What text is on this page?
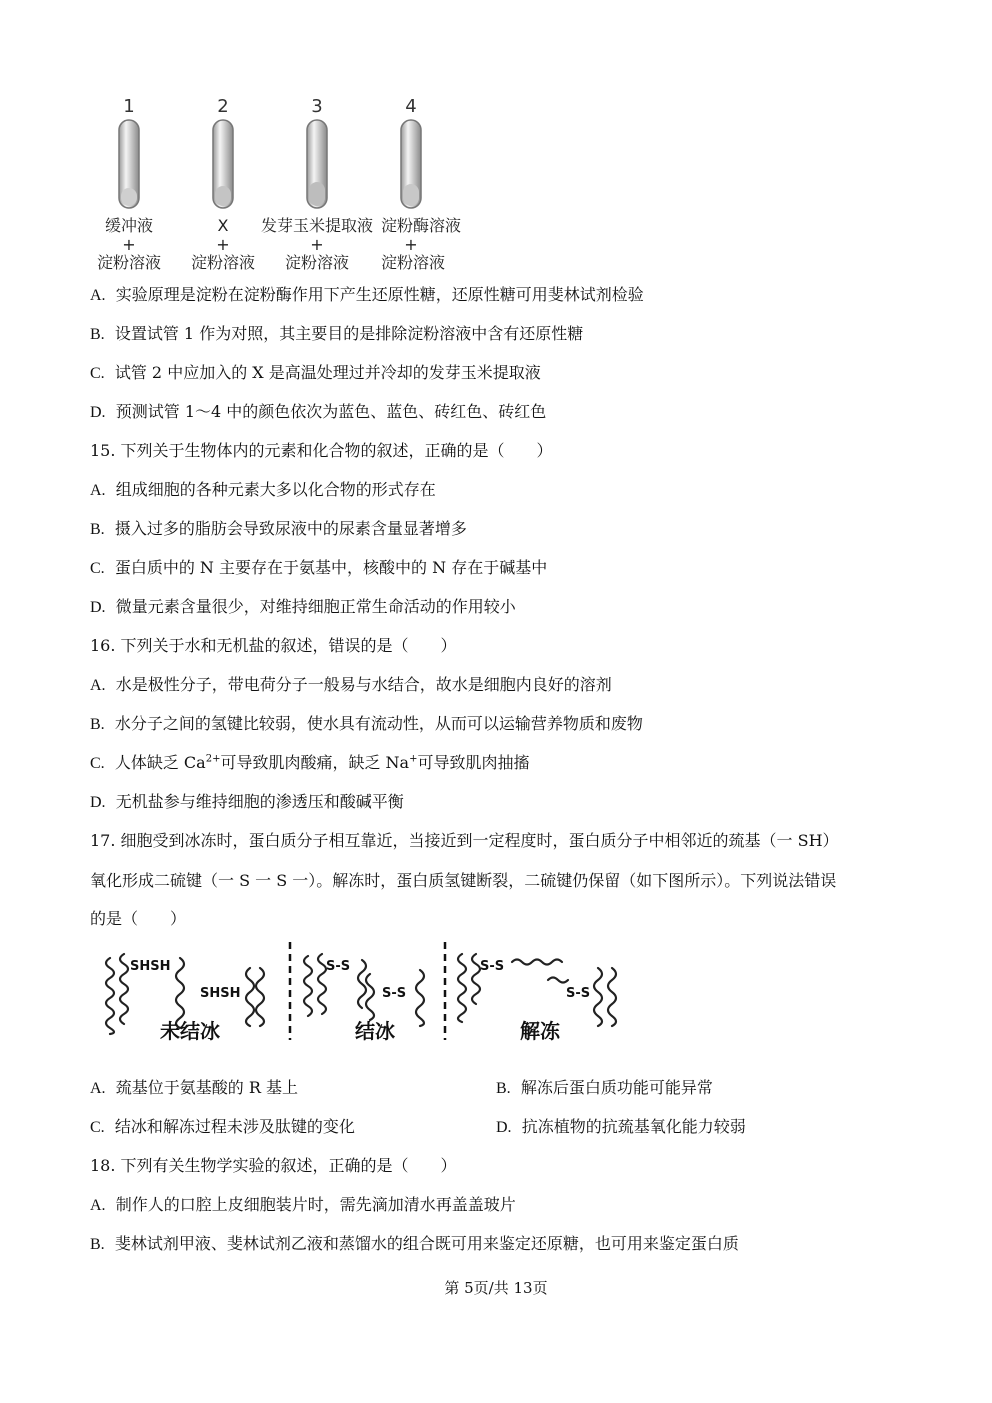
1	2	3	4
缓冲液
+
淀粉溶液
X
+
淀粉溶液
发芽玉米提取液
+
淀粉溶液
淀粉酶溶液
+
淀粉溶液
A. 实验原理是淀粉在淀粉酶作用下产生还原性糖，还原性糖可用斐林试剂检验
B. 设置试管 1 作为对照，其主要目的是排除淀粉溶液中含有还原性糖
C. 试管 2 中应加入的 X 是高温处理过并冷却的发芽玉米提取液
D. 预测试管 1～4 中的颜色依次为蓝色、蓝色、砖红色、砖红色
15. 下列关于生物体内的元素和化合物的叙述，正确的是（　　）
A. 组成细胞的各种元素大多以化合物的形式存在
B. 摄入过多的脂肪会导致尿液中的尿素含量显著增多
C. 蛋白质中的 N 主要存在于氨基中，核酸中的 N 存在于碱基中
D. 微量元素含量很少，对维持细胞正常生命活动的作用较小
16. 下列关于水和无机盐的叙述，错误的是（　　）
A. 水是极性分子，带电荷分子一般易与水结合，故水是细胞内良好的溶剂
B. 水分子之间的氢键比较弱，使水具有流动性，从而可以运输营养物质和废物
C. 人体缺乏 $Ca^{2+}$可导致肌肉酸痛，缺乏 Na+可导致肌肉抽搐
D. 无机盐参与维持细胞的渗透压和酸碱平衡
17. 细胞受到冰冻时，蛋白质分子相互靠近，当接近到一定程度时，蛋白质分子中相邻近的巯基（一 SH）
氧化形成二硫键（一 S 一 S 一）。解冻时，蛋白质氢键断裂，二硫键仍保留（如下图所示）。下列说法错误
的是（　　）
SHSH
SHSH
S-S
S-S
S-S
S-S
未结冰	结冰	解冻
A. 巯基位于氨基酸的 R 基上	B. 解冻后蛋白质功能可能异常
C. 结冰和解冻过程未涉及肽键的变化	D. 抗冻植物的抗巯基氧化能力较弱
18. 下列有关生物学实验的叙述，正确的是（　　）
A. 制作人的口腔上皮细胞装片时，需先滴加清水再盖盖玻片
B. 斐林试剂甲液、斐林试剂乙液和蒸馏水的组合既可用来鉴定还原糖，也可用来鉴定蛋白质
第 5页/共 13页
